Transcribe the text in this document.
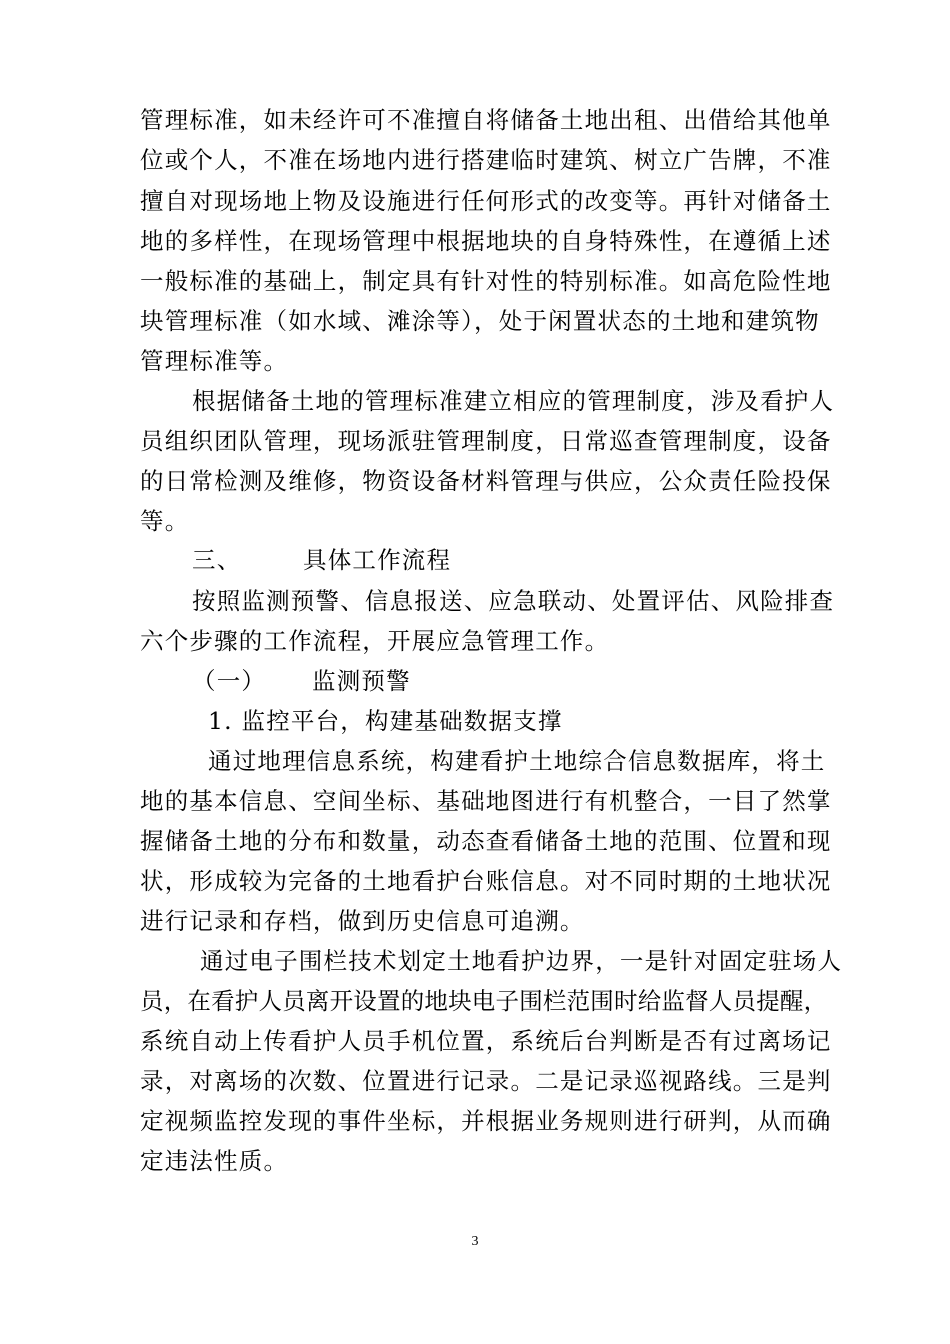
管理标准，如未经许可不准擅自将储备土地出租、出借给其他单

位或个人，不准在场地内进行搭建临时建筑、树立广告牌，不准

擅自对现场地上物及设施进行任何形式的改变等。再针对储备土

地的多样性，在现场管理中根据地块的自身特殊性，在遵循上述

一般标准的基础上，制定具有针对性的特别标准。如高危险性地

块管理标准（如水域、滩涂等），处于闲置状态的土地和建筑物

管理标准等。

根据储备土地的管理标准建立相应的管理制度，涉及看护人

员组织团队管理，现场派驻管理制度，日常巡查管理制度，设备

的日常检测及维修，物资设备材料管理与供应，公众责任险投保

等。

三、	具体工作流程

按照监测预警、信息报送、应急联动、处置评估、风险排查

六个步骤的工作流程，开展应急管理工作。

（一） 监测预警

1. 监控平台，构建基础数据支撑

通过地理信息系统，构建看护土地综合信息数据库，将土

地的基本信息、空间坐标、基础地图进行有机整合，一目了然掌

握储备土地的分布和数量，动态查看储备土地的范围、位置和现

状，形成较为完备的土地看护台账信息。对不同时期的土地状况

进行记录和存档，做到历史信息可追溯。

通过电子围栏技术划定土地看护边界，一是针对固定驻场人

员，在看护人员离开设置的地块电子围栏范围时给监督人员提醒，

系统自动上传看护人员手机位置，系统后台判断是否有过离场记

录，对离场的次数、位置进行记录。二是记录巡视路线。三是判

定视频监控发现的事件坐标，并根据业务规则进行研判，从而确

定违法性质。

3
